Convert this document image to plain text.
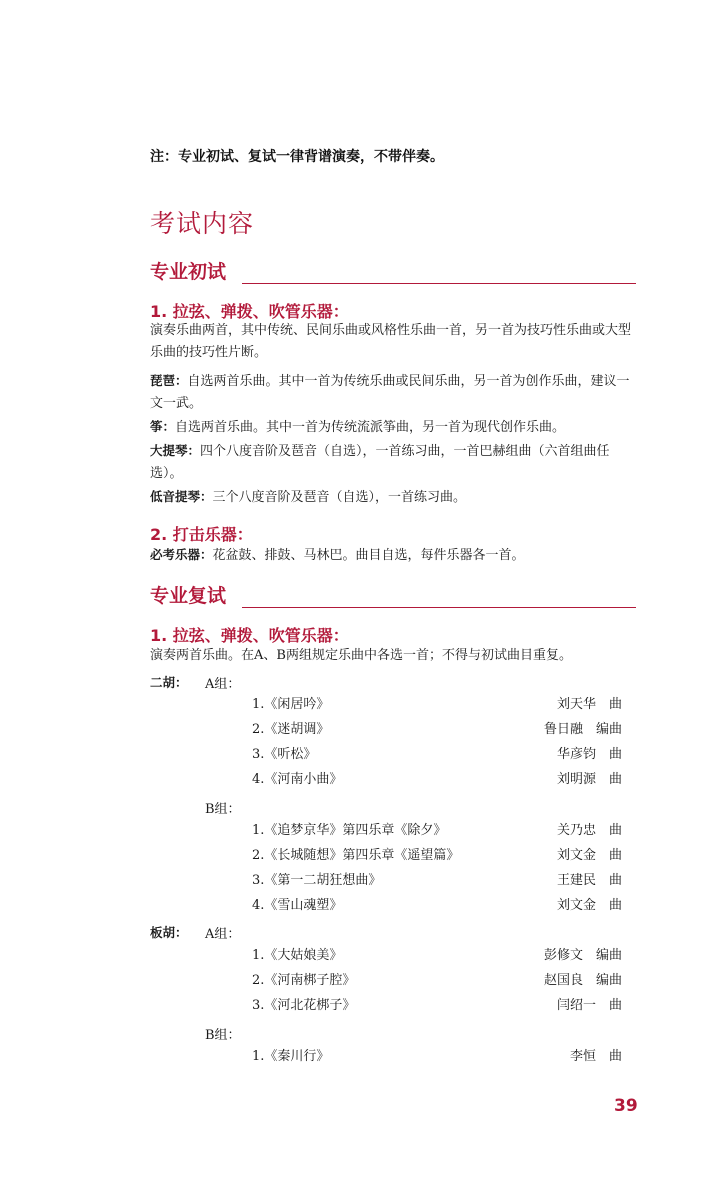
注：专业初试、复试一律背谱演奏，不带伴奏。
考试内容
专业初试
1. 拉弦、弹拨、吹管乐器：
演奏乐曲两首，其中传统、民间乐曲或风格性乐曲一首，另一首为技巧性乐曲或大型乐曲的技巧性片断。
琵琶：自选两首乐曲。其中一首为传统乐曲或民间乐曲，另一首为创作乐曲，建议一文一武。
筝：自选两首乐曲。其中一首为传统流派筝曲，另一首为现代创作乐曲。
大提琴：四个八度音阶及琶音（自选），一首练习曲，一首巴赫组曲（六首组曲任选）。
低音提琴：三个八度音阶及琶音（自选），一首练习曲。
2. 打击乐器：
必考乐器：花盆鼓、排鼓、马林巴。曲目自选，每件乐器各一首。
专业复试
1. 拉弦、弹拨、吹管乐器：
演奏两首乐曲。在A、B两组规定乐曲中各选一首；不得与初试曲目重复。
二胡： A组：
1.《闲居吟》	刘天华　曲
2.《迷胡调》	鲁日融　编曲
3.《听松》	华彦钧　曲
4.《河南小曲》	刘明源　曲
B组：
1.《追梦京华》第四乐章《除夕》	关乃忠　曲
2.《长城随想》第四乐章《遥望篇》	刘文金　曲
3.《第一二胡狂想曲》	王建民　曲
4.《雪山魂塑》	刘文金　曲
板胡： A组：
1.《大姑娘美》	彭修文　编曲
2.《河南梆子腔》	赵国良　编曲
3.《河北花梆子》	闫绍一　曲
B组：
1.《秦川行》	李恒　曲
39
